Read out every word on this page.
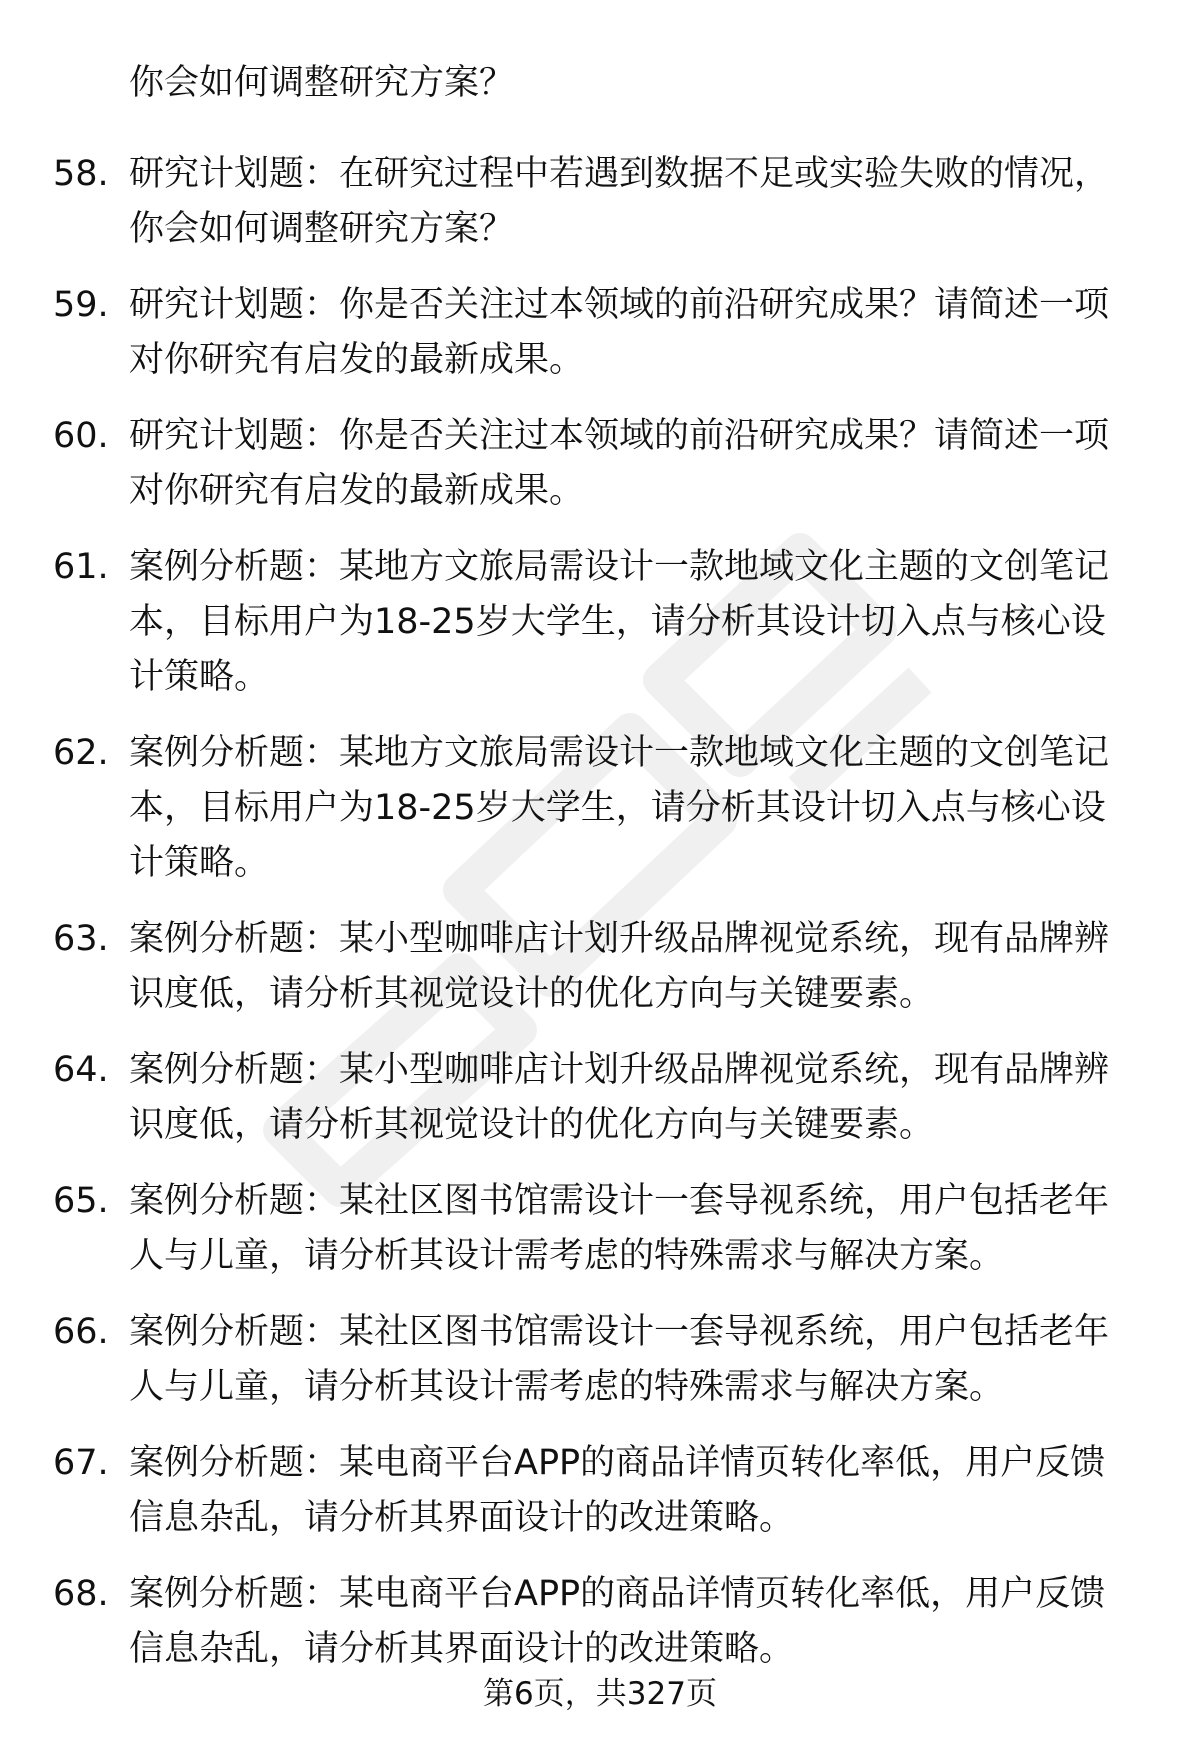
你会如何调整研究方案？
58. 研究计划题：在研究过程中若遇到数据不足或实验失败的情况，
你会如何调整研究方案？
59. 研究计划题：你是否关注过本领域的前沿研究成果？请简述一项
对你研究有启发的最新成果。
60. 研究计划题：你是否关注过本领域的前沿研究成果？请简述一项
对你研究有启发的最新成果。
61. 案例分析题：某地方文旅局需设计一款地域文化主题的文创笔记
本，目标用户为18-25岁大学生，请分析其设计切入点与核心设
计策略。
62. 案例分析题：某地方文旅局需设计一款地域文化主题的文创笔记
本，目标用户为18-25岁大学生，请分析其设计切入点与核心设
计策略。
63. 案例分析题：某小型咖啡店计划升级品牌视觉系统，现有品牌辨
识度低，请分析其视觉设计的优化方向与关键要素。
64. 案例分析题：某小型咖啡店计划升级品牌视觉系统，现有品牌辨
识度低，请分析其视觉设计的优化方向与关键要素。
65. 案例分析题：某社区图书馆需设计一套导视系统，用户包括老年
人与儿童，请分析其设计需考虑的特殊需求与解决方案。
66. 案例分析题：某社区图书馆需设计一套导视系统，用户包括老年
人与儿童，请分析其设计需考虑的特殊需求与解决方案。
67. 案例分析题：某电商平台APP的商品详情页转化率低，用户反馈
信息杂乱，请分析其界面设计的改进策略。
68. 案例分析题：某电商平台APP的商品详情页转化率低，用户反馈
信息杂乱，请分析其界面设计的改进策略。
第6页，共327页
